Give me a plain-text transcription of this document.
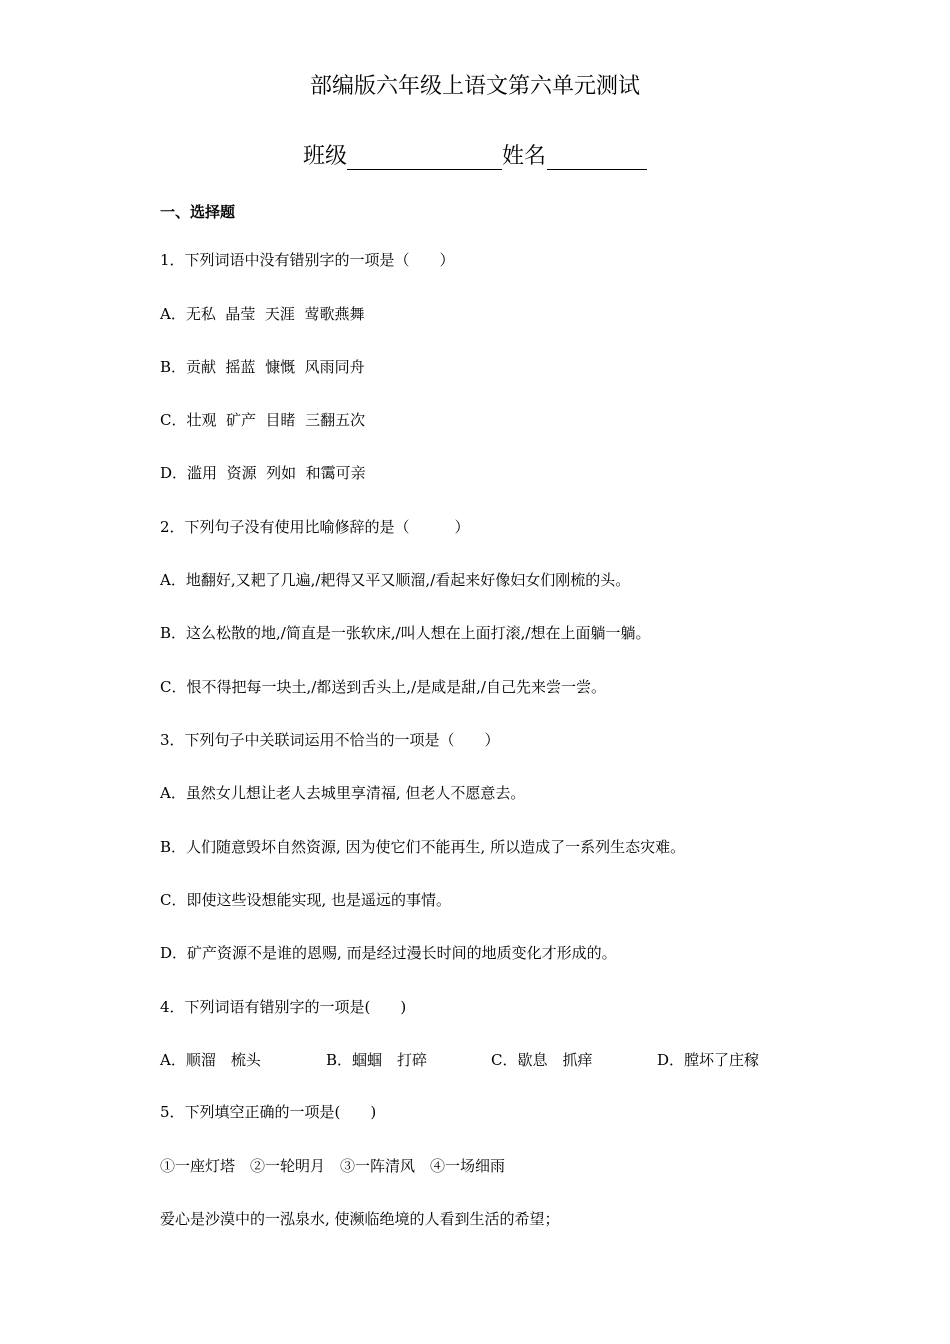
部编版六年级上语文第六单元测试
班级	姓名
一、选择题
1．下列词语中没有错别字的一项是（　　）
A．无私  晶莹  天涯  莺歌燕舞
B．贡献  摇蓝  慷慨  风雨同舟
C．壮观  矿产  目睹  三翻五次
D．滥用  资源  列如  和霭可亲
2．下列句子没有使用比喻修辞的是（　　　）
A．地翻好,又耙了几遍,/耙得又平又顺溜,/看起来好像妇女们刚梳的头。
B．这么松散的地,/简直是一张软床,/叫人想在上面打滚,/想在上面躺一躺。
C．恨不得把每一块土,/都送到舌头上,/是咸是甜,/自己先来尝一尝。
3．下列句子中关联词运用不恰当的一项是（　　）
A．虽然女儿想让老人去城里享清福, 但老人不愿意去。
B．人们随意毁坏自然资源, 因为使它们不能再生, 所以造成了一系列生态灾难。
C．即使这些设想能实现, 也是遥远的事情。
D．矿产资源不是谁的恩赐, 而是经过漫长时间的地质变化才形成的。
4．下列词语有错别字的一项是(　　)
A．顺溜　梳头	B．蝈蝈　打碎	C．歇息　抓痒	D．膛坏了庄稼
5．下列填空正确的一项是(　　)
①一座灯塔　②一轮明月　③一阵清风　④一场细雨
爱心是沙漠中的一泓泉水, 使濒临绝境的人看到生活的希望；
